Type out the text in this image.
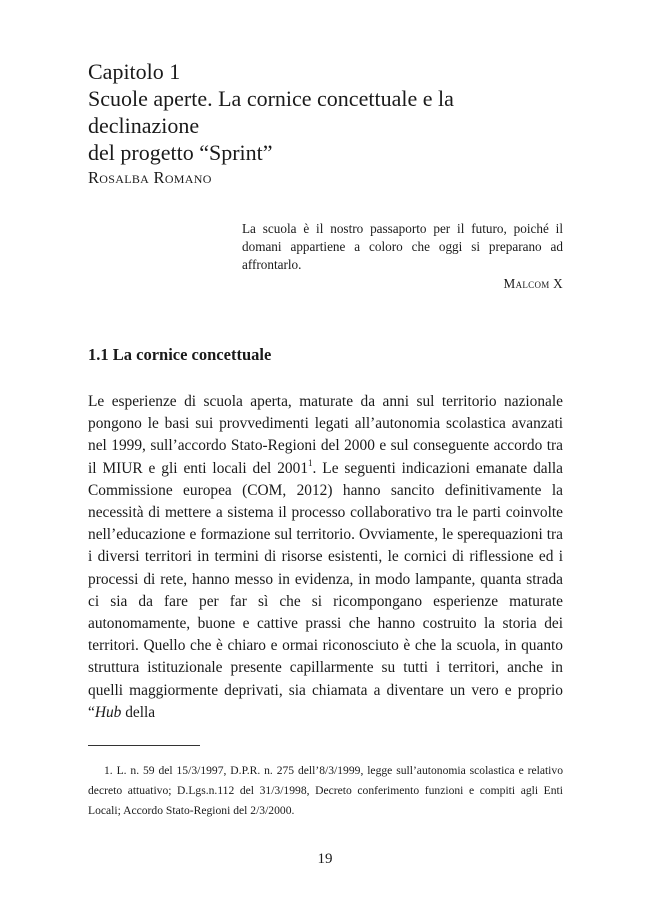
Capitolo 1
Scuole aperte. La cornice concettuale e la declinazione
del progetto “Sprint”
Rosalba Romano
La scuola è il nostro passaporto per il futuro, poiché il domani appartiene a coloro che oggi si preparano ad affrontarlo.
Malcom X
1.1 La cornice concettuale

Le esperienze di scuola aperta, maturate da anni sul territorio nazionale pongono le basi sui provvedimenti legati all’autonomia scolastica avanzati nel 1999, sull’accordo Stato-Regioni del 2000 e sul conseguente accordo tra il MIUR e gli enti locali del 2001$^1$. Le seguenti indicazioni emanate dalla Commissione europea (COM, 2012) hanno sancito definitivamente la necessità di mettere a sistema il processo collaborativo tra le parti coinvolte nell’educazione e formazione sul territorio. Ovviamente, le sperequazioni tra i diversi territori in termini di risorse esistenti, le cornici di riflessione ed i processi di rete, hanno messo in evidenza, in modo lampante, quanta strada ci sia da fare per far sì che si ricompongano esperienze maturate autonomamente, buone e cattive prassi che hanno costruito la storia dei territori. Quello che è chiaro e ormai riconosciuto è che la scuola, in quanto struttura istituzionale presente capillarmente su tutti i territori, anche in quelli maggiormente deprivati, sia chiamata a diventare un vero e proprio “Hub della

1. L. n. 59 del 15/3/1997, D.P.R. n. 275 dell’8/3/1999, legge sull’autonomia scolastica e relativo decreto attuativo; D.Lgs.n.112 del 31/3/1998, Decreto conferimento funzioni e compiti agli Enti Locali; Accordo Stato-Regioni del 2/3/2000.
19
